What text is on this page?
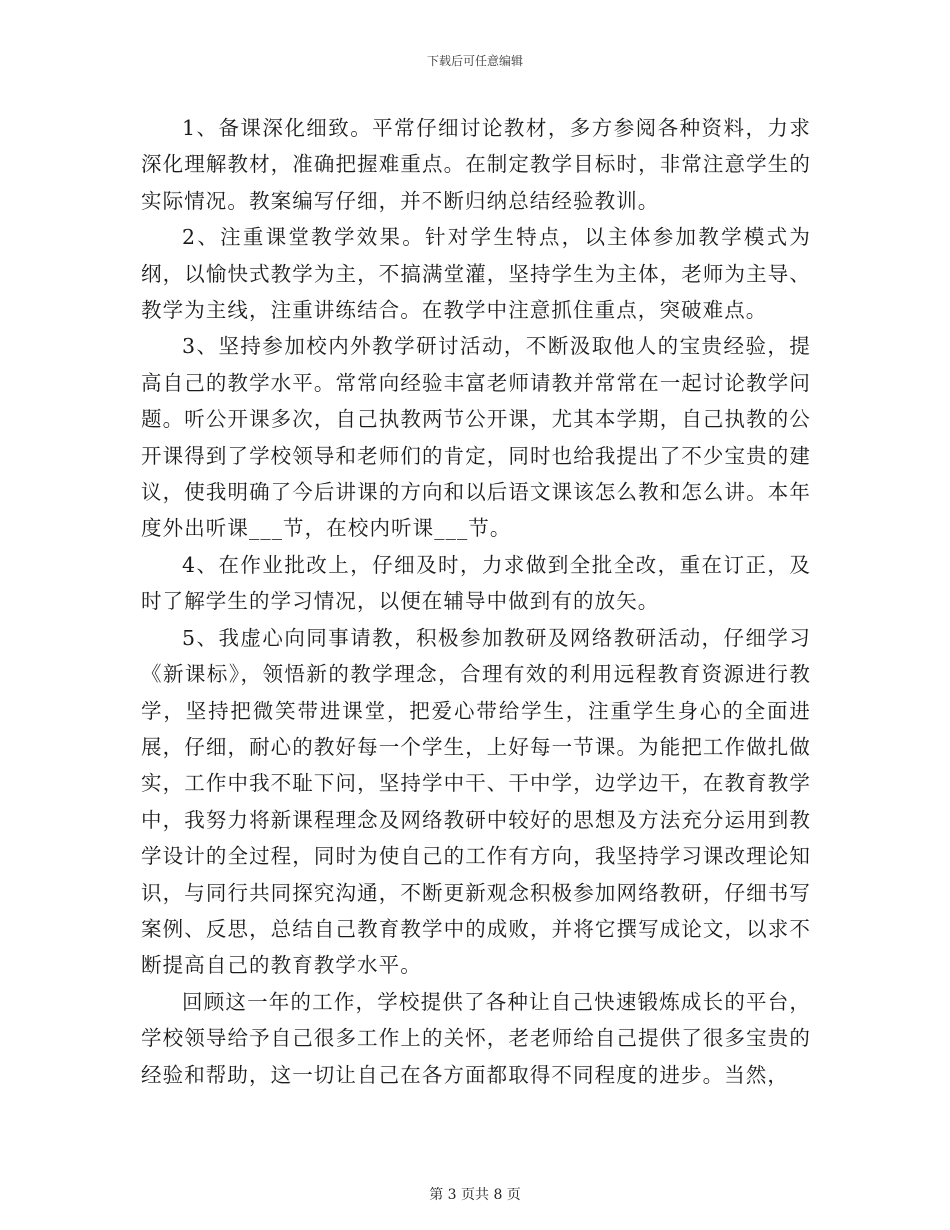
下载后可任意编辑

1、备课深化细致。平常仔细讨论教材，多方参阅各种资料，力求深化理解教材，准确把握难重点。在制定教学目标时，非常注意学生的实际情况。教案编写仔细，并不断归纳总结经验教训。

2、注重课堂教学效果。针对学生特点，以主体参加教学模式为纲，以愉快式教学为主，不搞满堂灌，坚持学生为主体，老师为主导、教学为主线，注重讲练结合。在教学中注意抓住重点，突破难点。

3、坚持参加校内外教学研讨活动，不断汲取他人的宝贵经验，提高自己的教学水平。常常向经验丰富老师请教并常常在一起讨论教学问题。听公开课多次，自己执教两节公开课，尤其本学期，自己执教的公开课得到了学校领导和老师们的肯定，同时也给我提出了不少宝贵的建议，使我明确了今后讲课的方向和以后语文课该怎么教和怎么讲。本年度外出听课___节，在校内听课___节。

4、在作业批改上，仔细及时，力求做到全批全改，重在订正，及时了解学生的学习情况，以便在辅导中做到有的放矢。

5、我虚心向同事请教，积极参加教研及网络教研活动，仔细学习《新课标》，领悟新的教学理念，合理有效的利用远程教育资源进行教学，坚持把微笑带进课堂，把爱心带给学生，注重学生身心的全面进展，仔细，耐心的教好每一个学生，上好每一节课。为能把工作做扎做实，工作中我不耻下问，坚持学中干、干中学，边学边干，在教育教学中，我努力将新课程理念及网络教研中较好的思想及方法充分运用到教学设计的全过程，同时为使自己的工作有方向，我坚持学习课改理论知识，与同行共同探究沟通，不断更新观念积极参加网络教研，仔细书写案例、反思，总结自己教育教学中的成败，并将它撰写成论文，以求不断提高自己的教育教学水平。

回顾这一年的工作，学校提供了各种让自己快速锻炼成长的平台，学校领导给予自己很多工作上的关怀，老老师给自己提供了很多宝贵的经验和帮助，这一切让自己在各方面都取得不同程度的进步。当然，

第 3 页共 8 页
